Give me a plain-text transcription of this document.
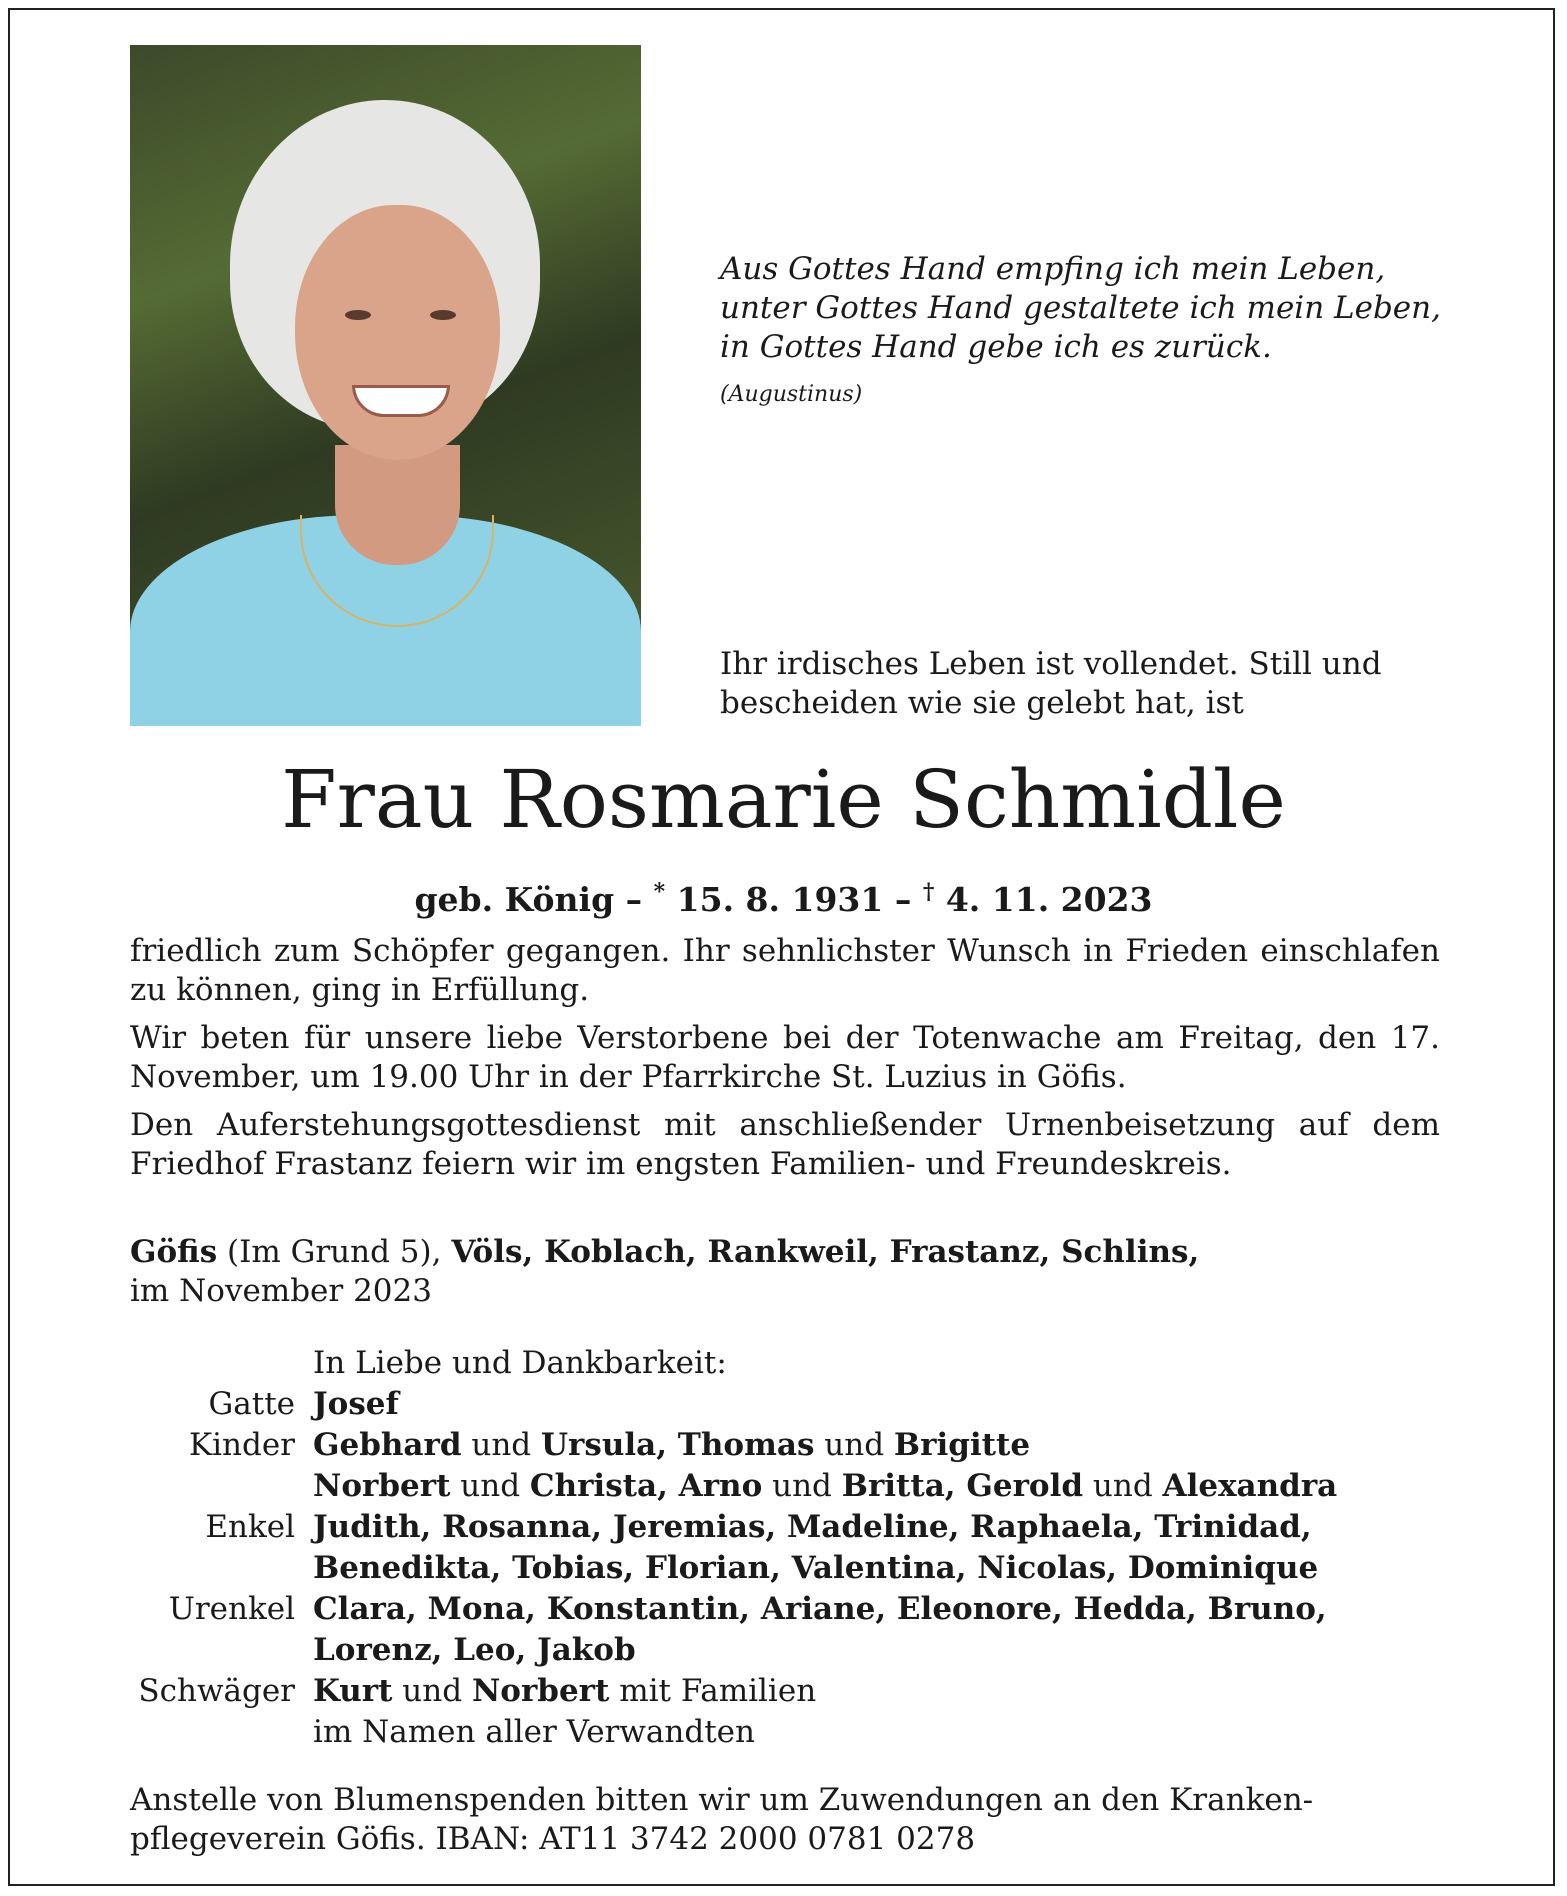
Aus Gottes Hand empfing ich mein Leben,
unter Gottes Hand gestaltete ich mein Leben,
in Gottes Hand gebe ich es zurück.
(Augustinus)
Ihr irdisches Leben ist vollendet. Still und
bescheiden wie sie gelebt hat, ist
Frau Rosmarie Schmidle
geb. König – * 15. 8. 1931 – † 4. 11. 2023

friedlich zum Schöpfer gegangen. Ihr sehnlichster Wunsch in Frieden einschlafen zu können, ging in Erfüllung.

Wir beten für unsere liebe Verstorbene bei der Totenwache am Freitag, den 17. November, um 19.00 Uhr in der Pfarrkirche St. Luzius in Göfis.

Den Auferstehungsgottesdienst mit anschließender Urnenbeisetzung auf dem Friedhof Frastanz feiern wir im engsten Familien- und Freundeskreis.

Göfis (Im Grund 5), Völs, Koblach, Rankweil, Frastanz, Schlins,
im November 2023
In Liebe und Dankbarkeit:
Gatte Josef
Kinder Gebhard und Ursula, Thomas und Brigitte
Norbert und Christa, Arno und Britta, Gerold und Alexandra
Enkel Judith, Rosanna, Jeremias, Madeline, Raphaela, Trinidad,
Benedikta, Tobias, Florian, Valentina, Nicolas, Dominique
Urenkel Clara, Mona, Konstantin, Ariane, Eleonore, Hedda, Bruno,
Lorenz, Leo, Jakob
Schwäger Kurt und Norbert mit Familien
im Namen aller Verwandten
Anstelle von Blumenspenden bitten wir um Zuwendungen an den Kranken-
pflegeverein Göfis. IBAN: AT11 3742 2000 0781 0278
